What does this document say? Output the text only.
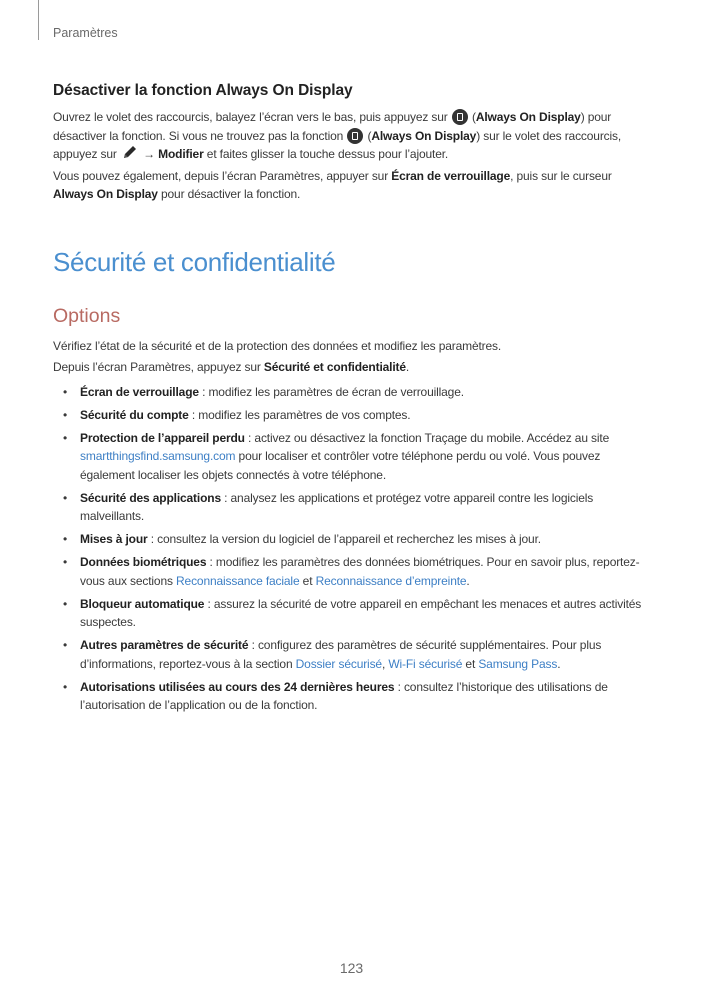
Paramètres
Désactiver la fonction Always On Display

Ouvrez le volet des raccourcis, balayez l’écran vers le bas, puis appuyez sur  (Always On Display) pour désactiver la fonction. Si vous ne trouvez pas la fonction  (Always On Display) sur le volet des raccourcis, appuyez sur  → Modifier et faites glisser la touche dessus pour l’ajouter.

Vous pouvez également, depuis l’écran Paramètres, appuyer sur Écran de verrouillage, puis sur le curseur Always On Display pour désactiver la fonction.

Sécurité et confidentialité
Options

Vérifiez l’état de la sécurité et de la protection des données et modifiez les paramètres.

Depuis l’écran Paramètres, appuyez sur Sécurité et confidentialité.

• Écran de verrouillage : modifiez les paramètres de écran de verrouillage.
• Sécurité du compte : modifiez les paramètres de vos comptes.
• Protection de l’appareil perdu : activez ou désactivez la fonction Traçage du mobile. Accédez au site smartthingsfind.samsung.com pour localiser et contrôler votre téléphone perdu ou volé. Vous pouvez également localiser les objets connectés à votre téléphone.
• Sécurité des applications : analysez les applications et protégez votre appareil contre les logiciels malveillants.
• Mises à jour : consultez la version du logiciel de l’appareil et recherchez les mises à jour.
• Données biométriques : modifiez les paramètres des données biométriques. Pour en savoir plus, reportez-vous aux sections Reconnaissance faciale et Reconnaissance d’empreinte.
• Bloqueur automatique : assurez la sécurité de votre appareil en empêchant les menaces et autres activités suspectes.
• Autres paramètres de sécurité : configurez des paramètres de sécurité supplémentaires. Pour plus d’informations, reportez-vous à la section Dossier sécurisé, Wi-Fi sécurisé et Samsung Pass.
• Autorisations utilisées au cours des 24 dernières heures : consultez l’historique des utilisations de l’autorisation de l’application ou de la fonction.
123
